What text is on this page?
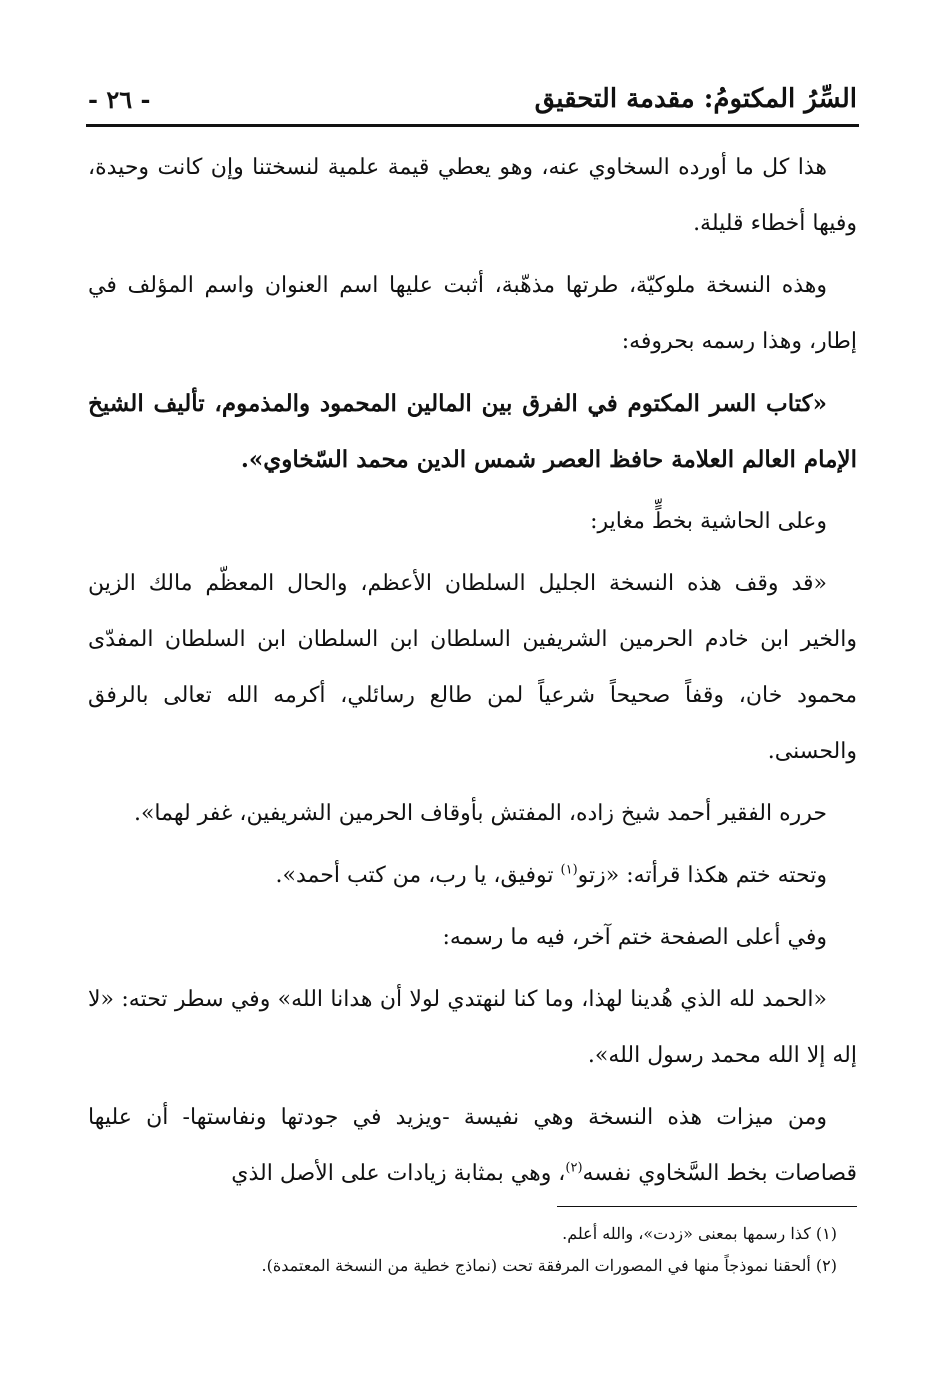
السِّرُ المكتومُ: مقدمة التحقيق
- ٢٦ -

هذا كل ما أورده السخاوي عنه، وهو يعطي قيمة علمية لنسختنا وإن كانت وحيدة، وفيها أخطاء قليلة.

وهذه النسخة ملوكيّة، طرتها مذهّبة، أثبت عليها اسم العنوان واسم المؤلف في إطار، وهذا رسمه بحروفه:

«كتاب السر المكتوم في الفرق بين المالين المحمود والمذموم، تأليف الشيخ الإمام العالم العلامة حافظ العصر شمس الدين محمد السّخاوي».

وعلى الحاشية بخطٍّ مغاير:

«قد وقف هذه النسخة الجليل السلطان الأعظم، والحال المعظّم مالك الزين والخير ابن خادم الحرمين الشريفين السلطان ابن السلطان ابن السلطان المفدّى محمود خان، وقفاً صحيحاً شرعياً لمن طالع رسائلي، أكرمه الله تعالى بالرفق والحسنى.

حرره الفقير أحمد شيخ زاده، المفتش بأوقاف الحرمين الشريفين، غفر لهما».

وتحته ختم هكذا قرأته: «زتو$^{(١)}$ توفيق، يا رب، من كتب أحمد».

وفي أعلى الصفحة ختم آخر، فيه ما رسمه:

«الحمد لله الذي هُدينا لهذا، وما كنا لنهتدي لولا أن هدانا الله» وفي سطر تحته: «لا إله إلا الله محمد رسول الله».

ومن ميزات هذه النسخة وهي نفيسة -ويزيد في جودتها ونفاستها- أن عليها قصاصات بخط السَّخاوي نفسه$^{(٢)}$، وهي بمثابة زيادات على الأصل الذي

(١) كذا رسمها بمعنى «زدت»، والله أعلم.
(٢) ألحقنا نموذجاً منها في المصورات المرفقة تحت (نماذج خطية من النسخة المعتمدة).
